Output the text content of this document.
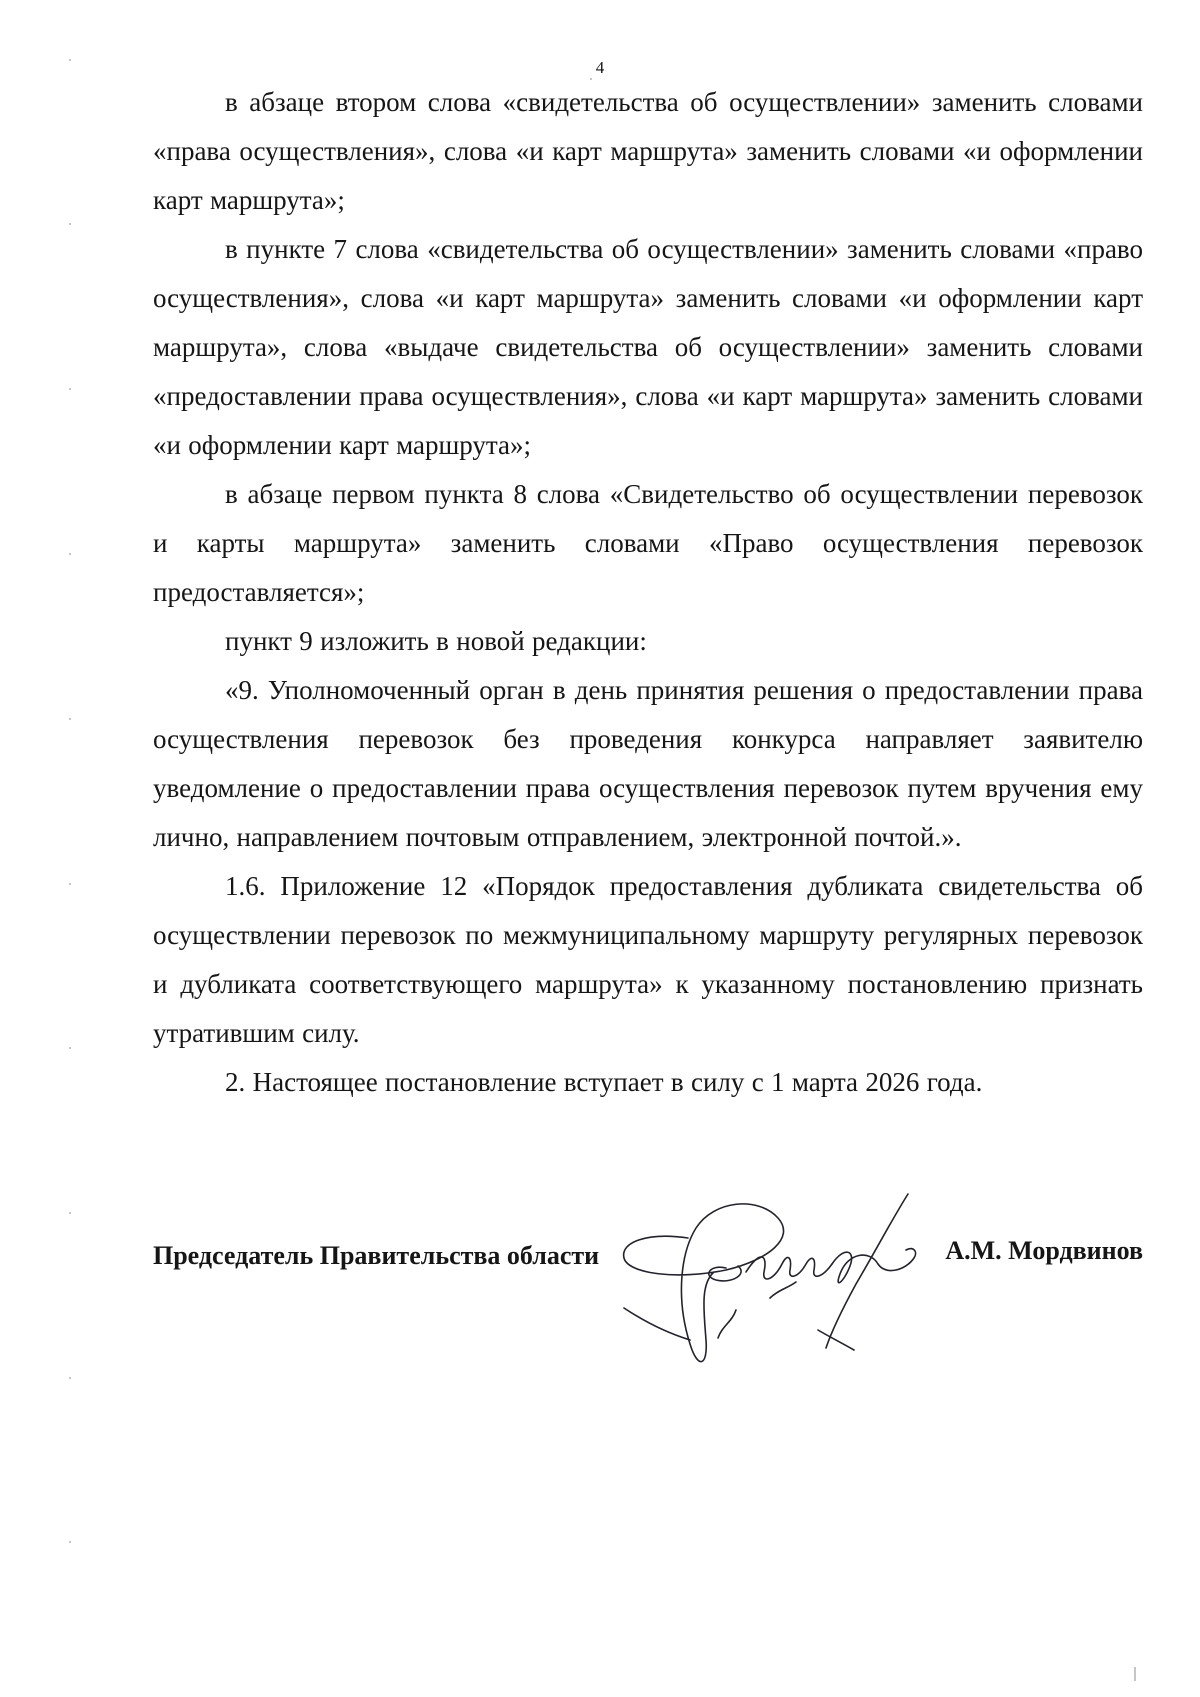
4

в абзаце втором слова «свидетельства об осуществлении» заменить словами «права осуществления», слова «и карт маршрута» заменить словами «и оформлении карт маршрута»;

в пункте 7 слова «свидетельства об осуществлении» заменить словами «право осуществления», слова «и карт маршрута» заменить словами «и оформлении карт маршрута», слова «выдаче свидетельства об осуществлении» заменить словами «предоставлении права осуществления», слова «и карт маршрута» заменить словами «и оформлении карт маршрута»;

в абзаце первом пункта 8 слова «Свидетельство об осуществлении перевозок и карты маршрута» заменить словами «Право осуществления перевозок предоставляется»;

пункт 9 изложить в новой редакции:

«9. Уполномоченный орган в день принятия решения о предоставлении права осуществления перевозок без проведения конкурса направляет заявителю уведомление о предоставлении права осуществления перевозок путем вручения ему лично, направлением почтовым отправлением, электронной почтой.».

1.6. Приложение 12 «Порядок предоставления дубликата свидетельства об осуществлении перевозок по межмуниципальному маршруту регулярных перевозок и дубликата соответствующего маршрута» к указанному постановлению признать утратившим силу.

2. Настоящее постановление вступает в силу с 1 марта 2026 года.

Председатель Правительства области	А.М. Мордвинов
